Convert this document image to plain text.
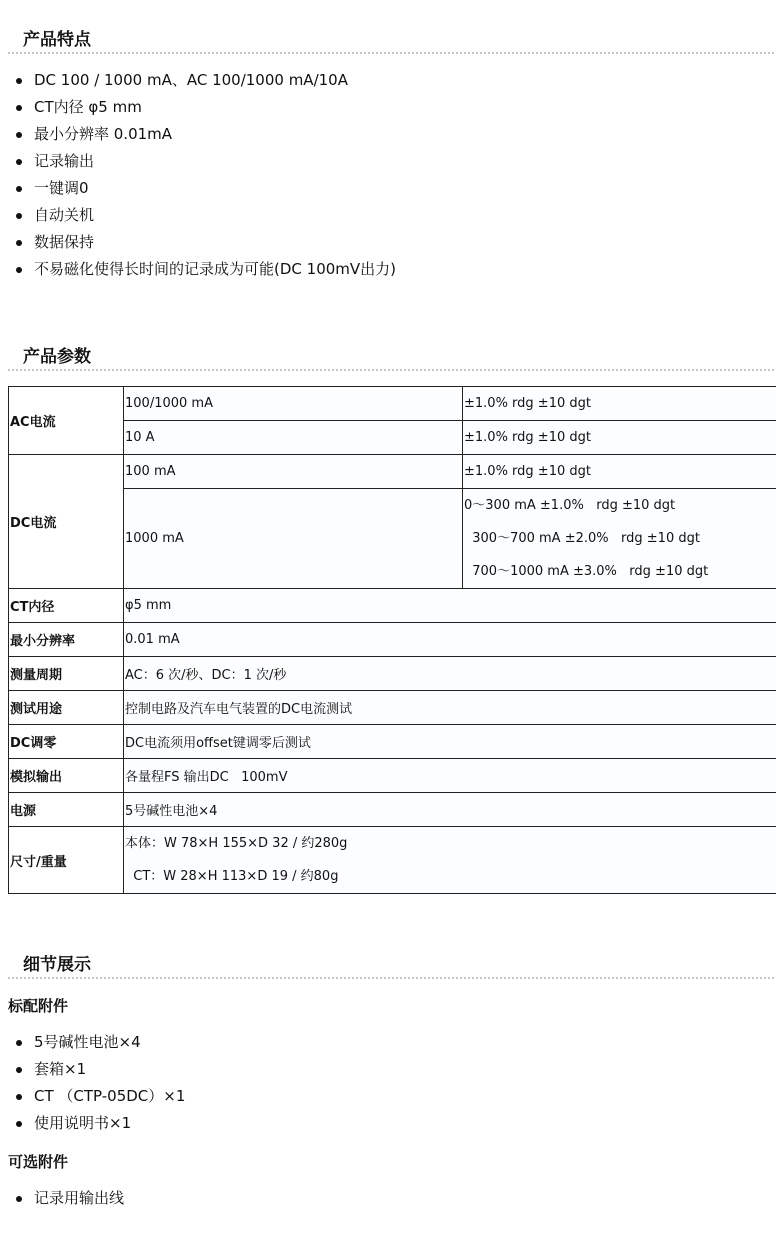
产品特点
DC 100 / 1000 mA、AC 100/1000 mA/10A
CT内径 φ5 mm
最小分辨率 0.01mA
记录输出
一键调0
自动关机
数据保持
不易磁化使得长时间的记录成为可能(DC 100mV出力)
产品参数
AC电流	100/1000 mA	±1.0% rdg ±10 dgt
	10 A	±1.0% rdg ±10 dgt
DC电流	100 mA	±1.0% rdg ±10 dgt
	1000 mA	0～300 mA ±1.0%   rdg ±10 dgt
300～700 mA ±2.0%   rdg ±10 dgt
700～1000 mA ±3.0%   rdg ±10 dgt

CT内径	φ5 mm	
最小分辨率	0.01 mA	
测量周期	AC：6 次/秒、DC：1 次/秒	
测试用途	控制电路及汽车电气装置的DC电流测试	
DC调零	DC电流须用offset键调零后测试	
模拟输出	各量程FS 输出DC   100mV	
电源	5号碱性电池×4	
尺寸/重量	本体：W 78×H 155×D 32 / 约280g
CT：W 28×H 113×D 19 / 约80g	
细节展示
标配附件
5号碱性电池×4
套箱×1
CT （CTP-05DC）×1
使用说明书×1
可选附件
记录用输出线
